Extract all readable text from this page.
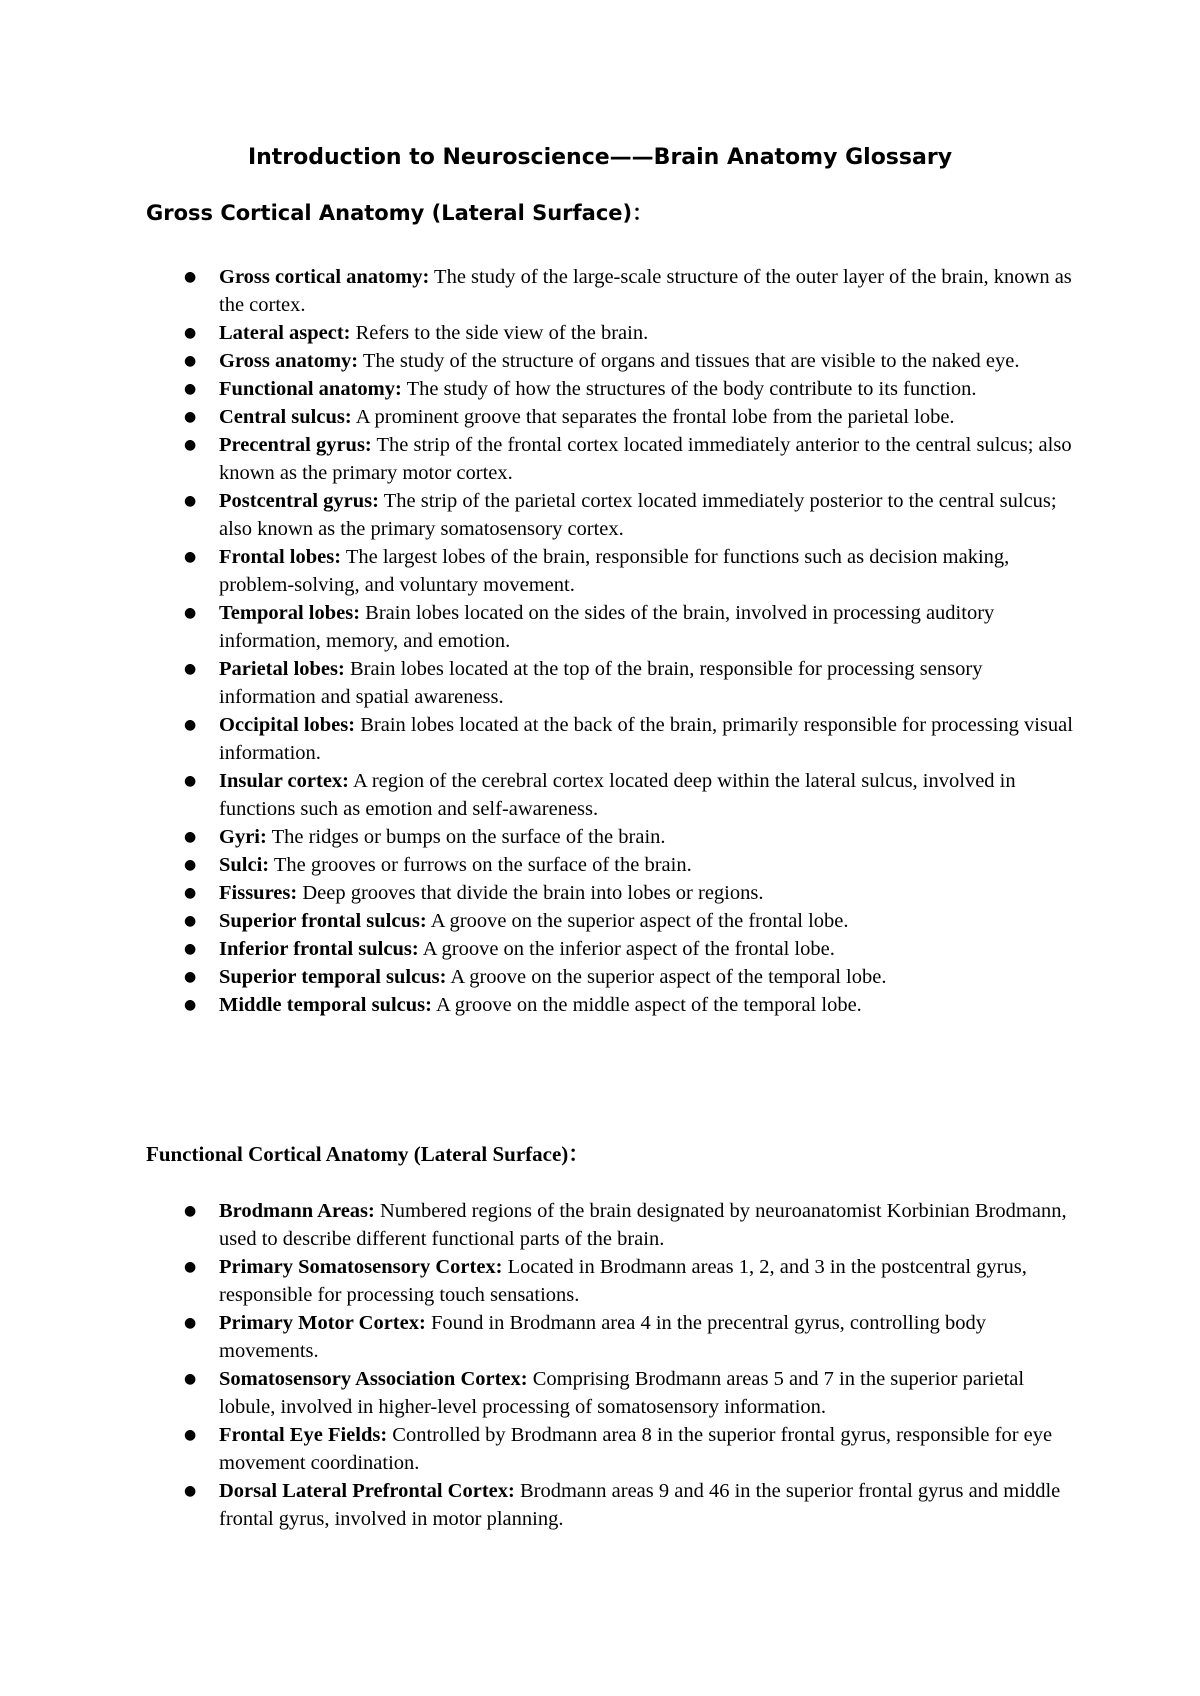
Introduction to Neuroscience——Brain Anatomy Glossary
Gross Cortical Anatomy (Lateral Surface)：
● Gross cortical anatomy: The study of the large-scale structure of the outer layer of the brain, known as the cortex.
● Lateral aspect: Refers to the side view of the brain.
● Gross anatomy: The study of the structure of organs and tissues that are visible to the naked eye.
● Functional anatomy: The study of how the structures of the body contribute to its function.
● Central sulcus: A prominent groove that separates the frontal lobe from the parietal lobe.
● Precentral gyrus: The strip of the frontal cortex located immediately anterior to the central sulcus; also known as the primary motor cortex.
● Postcentral gyrus: The strip of the parietal cortex located immediately posterior to the central sulcus; also known as the primary somatosensory cortex.
● Frontal lobes: The largest lobes of the brain, responsible for functions such as decision making, problem-solving, and voluntary movement.
● Temporal lobes: Brain lobes located on the sides of the brain, involved in processing auditory information, memory, and emotion.
● Parietal lobes: Brain lobes located at the top of the brain, responsible for processing sensory information and spatial awareness.
● Occipital lobes: Brain lobes located at the back of the brain, primarily responsible for processing visual information.
● Insular cortex: A region of the cerebral cortex located deep within the lateral sulcus, involved in functions such as emotion and self-awareness.
● Gyri: The ridges or bumps on the surface of the brain.
● Sulci: The grooves or furrows on the surface of the brain.
● Fissures: Deep grooves that divide the brain into lobes or regions.
● Superior frontal sulcus: A groove on the superior aspect of the frontal lobe.
● Inferior frontal sulcus: A groove on the inferior aspect of the frontal lobe.
● Superior temporal sulcus: A groove on the superior aspect of the temporal lobe.
● Middle temporal sulcus: A groove on the middle aspect of the temporal lobe.
Functional Cortical Anatomy (Lateral Surface)：
● Brodmann Areas: Numbered regions of the brain designated by neuroanatomist Korbinian Brodmann, used to describe different functional parts of the brain.
● Primary Somatosensory Cortex: Located in Brodmann areas 1, 2, and 3 in the postcentral gyrus, responsible for processing touch sensations.
● Primary Motor Cortex: Found in Brodmann area 4 in the precentral gyrus, controlling body movements.
● Somatosensory Association Cortex: Comprising Brodmann areas 5 and 7 in the superior parietal lobule, involved in higher-level processing of somatosensory information.
● Frontal Eye Fields: Controlled by Brodmann area 8 in the superior frontal gyrus, responsible for eye movement coordination.
● Dorsal Lateral Prefrontal Cortex: Brodmann areas 9 and 46 in the superior frontal gyrus and middle frontal gyrus, involved in motor planning.
